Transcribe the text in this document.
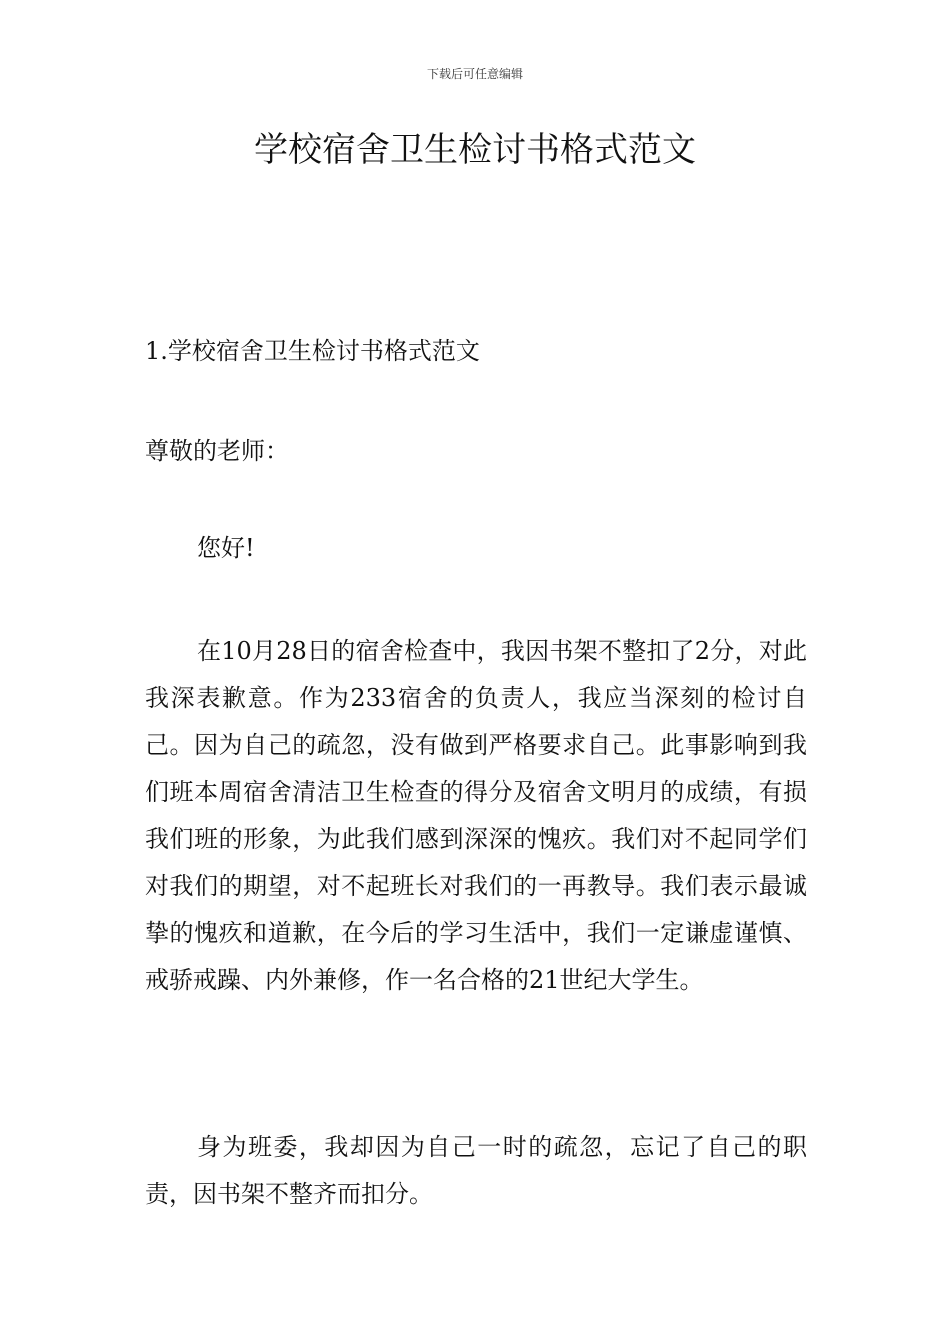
下载后可任意编辑
学校宿舍卫生检讨书格式范文

1.学校宿舍卫生检讨书格式范文

尊敬的老师：

您好!

在10月28日的宿舍检查中，我因书架不整扣了2分，对此我深表歉意。作为233宿舍的负责人，我应当深刻的检讨自己。因为自己的疏忽，没有做到严格要求自己。此事影响到我们班本周宿舍清洁卫生检查的得分及宿舍文明月的成绩，有损我们班的形象，为此我们感到深深的愧疚。我们对不起同学们对我们的期望，对不起班长对我们的一再教导。我们表示最诚挚的愧疚和道歉，在今后的学习生活中，我们一定谦虚谨慎、戒骄戒躁、内外兼修，作一名合格的21世纪大学生。

身为班委，我却因为自己一时的疏忽，忘记了自己的职责，因书架不整齐而扣分。
